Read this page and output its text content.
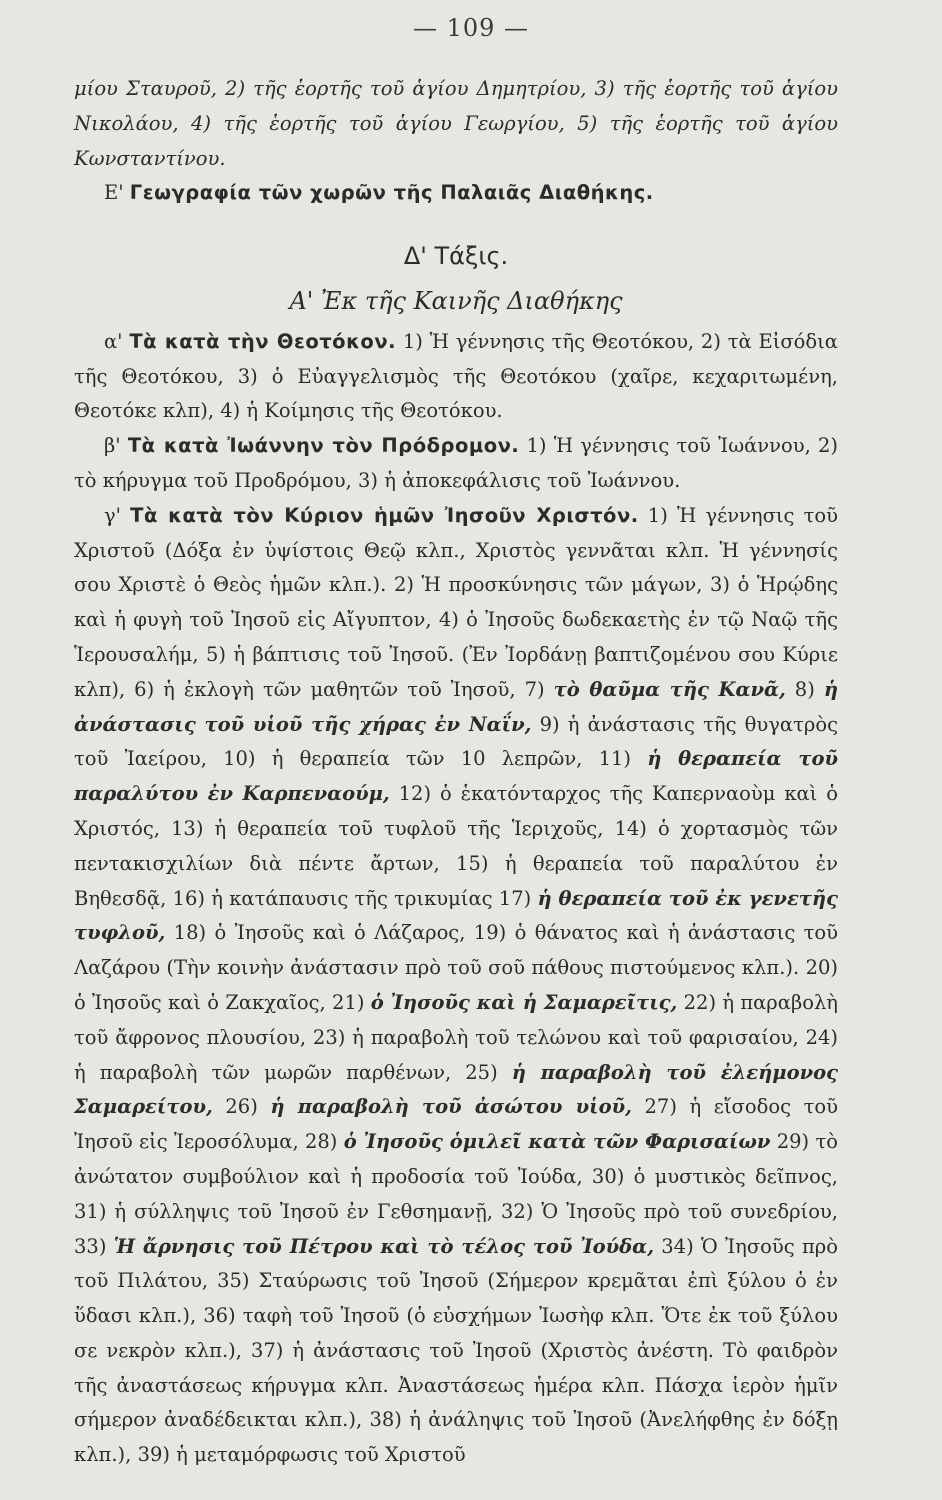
— 109 —

μίου Σταυροῦ, 2) τῆς ἑορτῆς τοῦ ἁγίου Δημητρίου, 3) τῆς ἑορτῆς τοῦ ἁγίου Νικολάου, 4) τῆς ἑορτῆς τοῦ ἁγίου Γεωργίου, 5) τῆς ἑορτῆς τοῦ ἁγίου Κωνσταντίνου.

Ε' Γεωγραφία τῶν χωρῶν τῆς Παλαιᾶς Διαθήκης.

Δ' Τάξις.

Α' Ἐκ τῆς Καινῆς Διαθήκης

α' Τὰ κατὰ τὴν Θεοτόκον. 1) Ἡ γέννησις τῆς Θεοτόκου, 2) τὰ Εἰσόδια τῆς Θεοτόκου, 3) ὁ Εὐαγγελισμὸς τῆς Θεοτόκου (χαῖρε, κεχαριτωμένη, Θεοτόκε κλπ), 4) ἡ Κοίμησις τῆς Θεοτόκου.

β' Τὰ κατὰ Ἰωάννην τὸν Πρόδρομον. 1) Ἡ γέννησις τοῦ Ἰωάννου, 2) τὸ κήρυγμα τοῦ Προδρόμου, 3) ἡ ἀποκεφάλισις τοῦ Ἰωάννου.

γ' Τὰ κατὰ τὸν Κύριον ἡμῶν Ἰησοῦν Χριστόν. 1) Ἡ γέννησις τοῦ Χριστοῦ (Δόξα ἐν ὑψίστοις Θεῷ κλπ., Χριστὸς γεννᾶται κλπ. Ἡ γέννησίς σου Χριστὲ ὁ Θεὸς ἡμῶν κλπ.). 2) Ἡ προσκύνησις τῶν μάγων, 3) ὁ Ἡρῴδης καὶ ἡ φυγὴ τοῦ Ἰησοῦ εἰς Αἴγυπτον, 4) ὁ Ἰησοῦς δωδεκαετὴς ἐν τῷ Ναῷ τῆς Ἱερουσαλήμ, 5) ἡ βάπτισις τοῦ Ἰησοῦ. (Ἐν Ἰορδάνῃ βαπτιζομένου σου Κύριε κλπ), 6) ἡ ἐκλογὴ τῶν μαθητῶν τοῦ Ἰησοῦ, 7) τὸ θαῦμα τῆς Κανᾶ, 8) ἡ ἀνάστασις τοῦ υἱοῦ τῆς χήρας ἐν Ναΐν, 9) ἡ ἀνάστασις τῆς θυγατρὸς τοῦ Ἰαείρου, 10) ἡ θεραπεία τῶν 10 λεπρῶν, 11) ἡ θεραπεία τοῦ παραλύτου ἐν Καρπεναούμ, 12) ὁ ἑκατόνταρχος τῆς Καπερναοὺμ καὶ ὁ Χριστός, 13) ἡ θεραπεία τοῦ τυφλοῦ τῆς Ἱεριχοῦς, 14) ὁ χορτασμὸς τῶν πεντακισχιλίων διὰ πέντε ἄρτων, 15) ἡ θεραπεία τοῦ παραλύτου ἐν Βηθεσδᾷ, 16) ἡ κατάπαυσις τῆς τρικυμίας 17) ἡ θεραπεία τοῦ ἐκ γενετῆς τυφλοῦ, 18) ὁ Ἰησοῦς καὶ ὁ Λάζαρος, 19) ὁ θάνατος καὶ ἡ ἀνάστασις τοῦ Λαζάρου (Τὴν κοινὴν ἀνάστασιν πρὸ τοῦ σοῦ πάθους πιστούμενος κλπ.). 20) ὁ Ἰησοῦς καὶ ὁ Ζακχαῖος, 21) ὁ Ἰησοῦς καὶ ἡ Σαμαρεῖτις, 22) ἡ παραβολὴ τοῦ ἄφρονος πλουσίου, 23) ἡ παραβολὴ τοῦ τελώνου καὶ τοῦ φαρισαίου, 24) ἡ παραβολὴ τῶν μωρῶν παρθένων, 25) ἡ παραβολὴ τοῦ ἐλεήμονος Σαμαρείτου, 26) ἡ παραβολὴ τοῦ ἀσώτου υἱοῦ, 27) ἡ εἴσοδος τοῦ Ἰησοῦ εἰς Ἱεροσόλυμα, 28) ὁ Ἰησοῦς ὁμιλεῖ κατὰ τῶν Φαρισαίων 29) τὸ ἀνώτατον συμβούλιον καὶ ἡ προδοσία τοῦ Ἰούδα, 30) ὁ μυστικὸς δεῖπνος, 31) ἡ σύλληψις τοῦ Ἰησοῦ ἐν Γεθσημανῇ, 32) Ὁ Ἰησοῦς πρὸ τοῦ συνεδρίου, 33) Ἡ ἄρνησις τοῦ Πέτρου καὶ τὸ τέλος τοῦ Ἰούδα, 34) Ὁ Ἰησοῦς πρὸ τοῦ Πιλάτου, 35) Σταύρωσις τοῦ Ἰησοῦ (Σήμερον κρεμᾶται ἐπὶ ξύλου ὁ ἐν ὕδασι κλπ.), 36) ταφὴ τοῦ Ἰησοῦ (ὁ εὐσχήμων Ἰωσὴφ κλπ. Ὅτε ἐκ τοῦ ξύλου σε νεκρὸν κλπ.), 37) ἡ ἀνάστασις τοῦ Ἰησοῦ (Χριστὸς ἀνέστη. Τὸ φαιδρὸν τῆς ἀναστάσεως κήρυγμα κλπ. Ἀναστάσεως ἡμέρα κλπ. Πάσχα ἱερὸν ἡμῖν σήμερον ἀναδέδεικται κλπ.), 38) ἡ ἀνάληψις τοῦ Ἰησοῦ (Ἀνελήφθης ἐν δόξῃ κλπ.), 39) ἡ μεταμόρφωσις τοῦ Χριστοῦ
